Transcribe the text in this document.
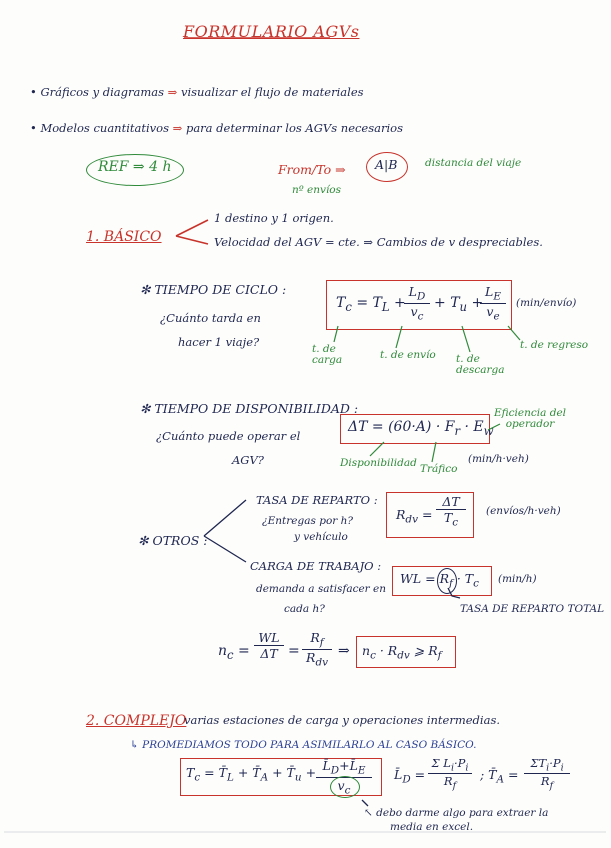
FORMULARIO AGVs
• Gráficos y diagramas ⇒ visualizar el flujo de materiales
• Modelos cuantitativos ⇒ para determinar los AGVs necesarios
REF ⇒ 4 h	From/To ⇒ A|B	distancia del viaje
nº envíos
1. BÁSICO
1 destino y 1 origen.
Velocidad del AGV = cte. ⇒ Cambios de v despreciables.
✻ TIEMPO DE CICLO :
¿Cuánto tarda en
hacer 1 viaje?
$T_c = T_L$ +
$\frac{L_D}{v_c} + T_u$ +
$\frac{L_E}{v_e}$ (min/envío)
t. de carga	t. de envío t. de descarga
t. de regreso
✻ TIEMPO DE DISPONIBILIDAD :
¿Cuánto puede operar el
AGV?
$\Delta T = (60\cdot A) \cdot F_r \cdot E_w$
(min/h·veh)
Disponibilidad Tráfico
Eficiencia del operador
✻ OTROS :
TASA DE REPARTO :
¿Entregas por h?
y vehículo
$R_{dv} = \frac{\Delta T}{T_c}$ (envíos/h·veh)
CARGA DE TRABAJO :
demanda a satisfacer en
cada h?
WL = $R_f \cdot T_c$ (min/h)
TASA DE REPARTO TOTAL
$n_c = \frac{WL}{\Delta T}$ =
$R_f$
$R_{dv}$
⇒ $n_c \cdot R_{dv}$ ⩾ $R_f$
2. COMPLEJO
varias estaciones de carga y operaciones intermedias.
↳ PROMEDIAMOS TODO PARA ASIMILARLO AL CASO BÁSICO.
$T_c$ = $T̄_L$ + $T̄_A$ + $T̄_u + \frac{L̄_D+L̄_E}{v_c}$ $L̄_D = \frac{\Sigma L_i\cdot P_i}{R_f}$ ; $T̄_A$ =
$\Sigma T_i\cdot P_i$
$R_f$
↖ debo darme algo para extraer la
media en excel.
